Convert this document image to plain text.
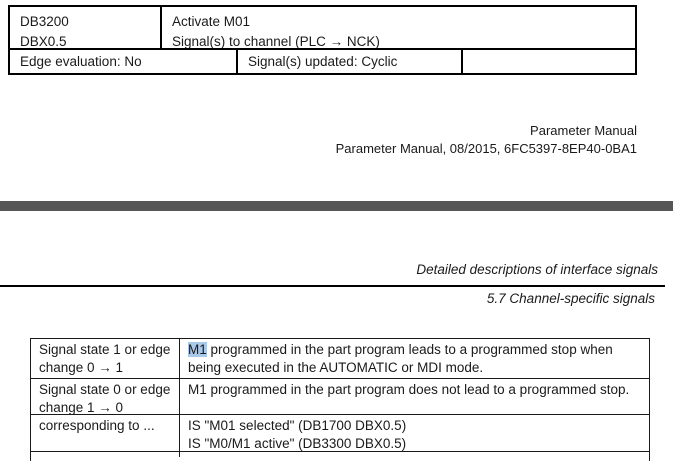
DB3200
DBX0.5
Activate M01
Signal(s) to channel (PLC → NCK)
Edge evaluation: No	Signal(s) updated: Cyclic
Parameter Manual
Parameter Manual, 08/2015, 6FC5397-8EP40-0BA1
Detailed descriptions of interface signals
5.7 Channel-specific signals
Signal state 1 or edge change 0 → 1
M1 programmed in the part program leads to a programmed stop when being executed in the AUTOMATIC or MDI mode.
Signal state 0 or edge change 1 → 0
M1 programmed in the part program does not lead to a programmed stop.
corresponding to ...	IS "M01 selected" (DB1700 DBX0.5)
IS "M0/M1 active" (DB3300 DBX0.5)
